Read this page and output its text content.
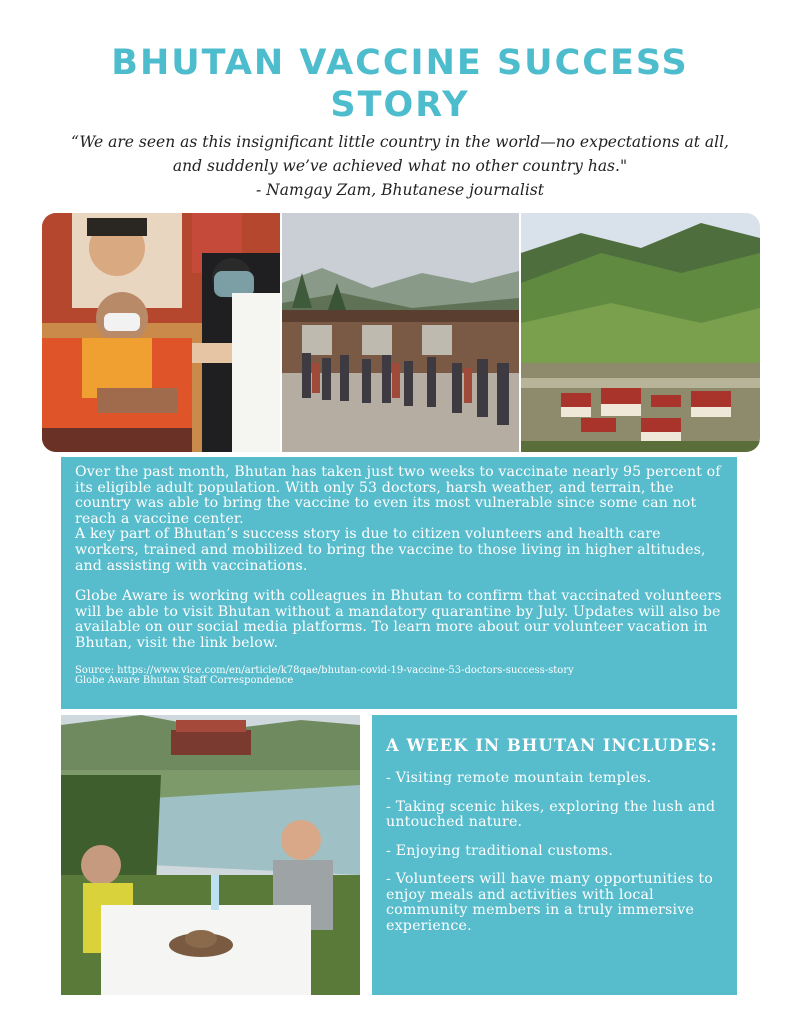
BHUTAN VACCINE SUCCESS
STORY
“We are seen as this insignificant little country in the world—no expectations at all,
and suddenly we’ve achieved what no other country has."
- Namgay Zam, Bhutanese journalist

Over the past month, Bhutan has taken just two weeks to vaccinate nearly 95 percent of its eligible adult population. With only 53 doctors, harsh weather, and terrain, the country was able to bring the vaccine to even its most vulnerable since some can not reach a vaccine center.

A key part of Bhutan’s success story is due to citizen volunteers and health care workers, trained and mobilized to bring the vaccine to those living in higher altitudes, and assisting with vaccinations.

Globe Aware is working with colleagues in Bhutan to confirm that vaccinated volunteers will be able to visit Bhutan without a mandatory quarantine by July. Updates will also be available on our social media platforms. To learn more about our volunteer vacation in Bhutan, visit the link below.

Source: https://www.vice.com/en/article/k78qae/bhutan-covid-19-vaccine-53-doctors-success-story
Globe Aware Bhutan Staff Correspondence
A WEEK IN BHUTAN INCLUDES:

- Visiting remote mountain temples.

- Taking scenic hikes, exploring the lush and untouched nature.

- Enjoying traditional customs.

- Volunteers will have many opportunities to enjoy meals and activities with local community members in a truly immersive experience.
